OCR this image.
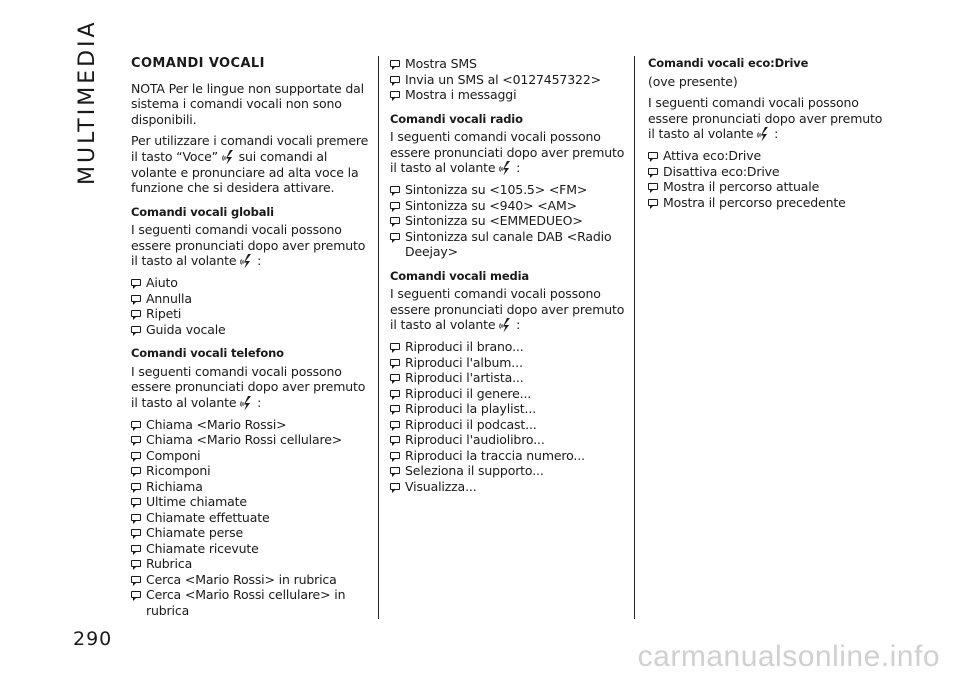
MULTIMEDIA
290
carmanualsonline.info
COMANDI VOCALI

NOTA Per le lingue non supportate dal sistema i comandi vocali non sono disponibili.

Per utilizzare i comandi vocali premere il tasto “Voce” sui comandi al volante e pronunciare ad alta voce la funzione che si desidera attivare.

Comandi vocali globali

I seguenti comandi vocali possono essere pronunciati dopo aver premuto il tasto al volante :

Aiuto
Annulla
Ripeti
Guida vocale
Comandi vocali telefono

I seguenti comandi vocali possono essere pronunciati dopo aver premuto il tasto al volante :

Chiama <Mario Rossi>
Chiama <Mario Rossi cellulare>
Componi
Ricomponi
Richiama
Ultime chiamate
Chiamate effettuate
Chiamate perse
Chiamate ricevute
Rubrica
Cerca <Mario Rossi> in rubrica
Cerca <Mario Rossi cellulare> in rubrica
Mostra SMS
Invia un SMS al <0127457322>
Mostra i messaggi
Comandi vocali radio

I seguenti comandi vocali possono essere pronunciati dopo aver premuto il tasto al volante :

Sintonizza su <105.5> <FM>
Sintonizza su <940> <AM>
Sintonizza su <EMMEDUEO>
Sintonizza sul canale DAB <Radio Deejay>
Comandi vocali media

I seguenti comandi vocali possono essere pronunciati dopo aver premuto il tasto al volante :

Riproduci il brano...
Riproduci l'album...
Riproduci l'artista...
Riproduci il genere...
Riproduci la playlist...
Riproduci il podcast...
Riproduci l'audiolibro...
Riproduci la traccia numero...
Seleziona il supporto...
Visualizza...
Comandi vocali eco:Drive

(ove presente)

I seguenti comandi vocali possono essere pronunciati dopo aver premuto il tasto al volante :

Attiva eco:Drive
Disattiva eco:Drive
Mostra il percorso attuale
Mostra il percorso precedente
